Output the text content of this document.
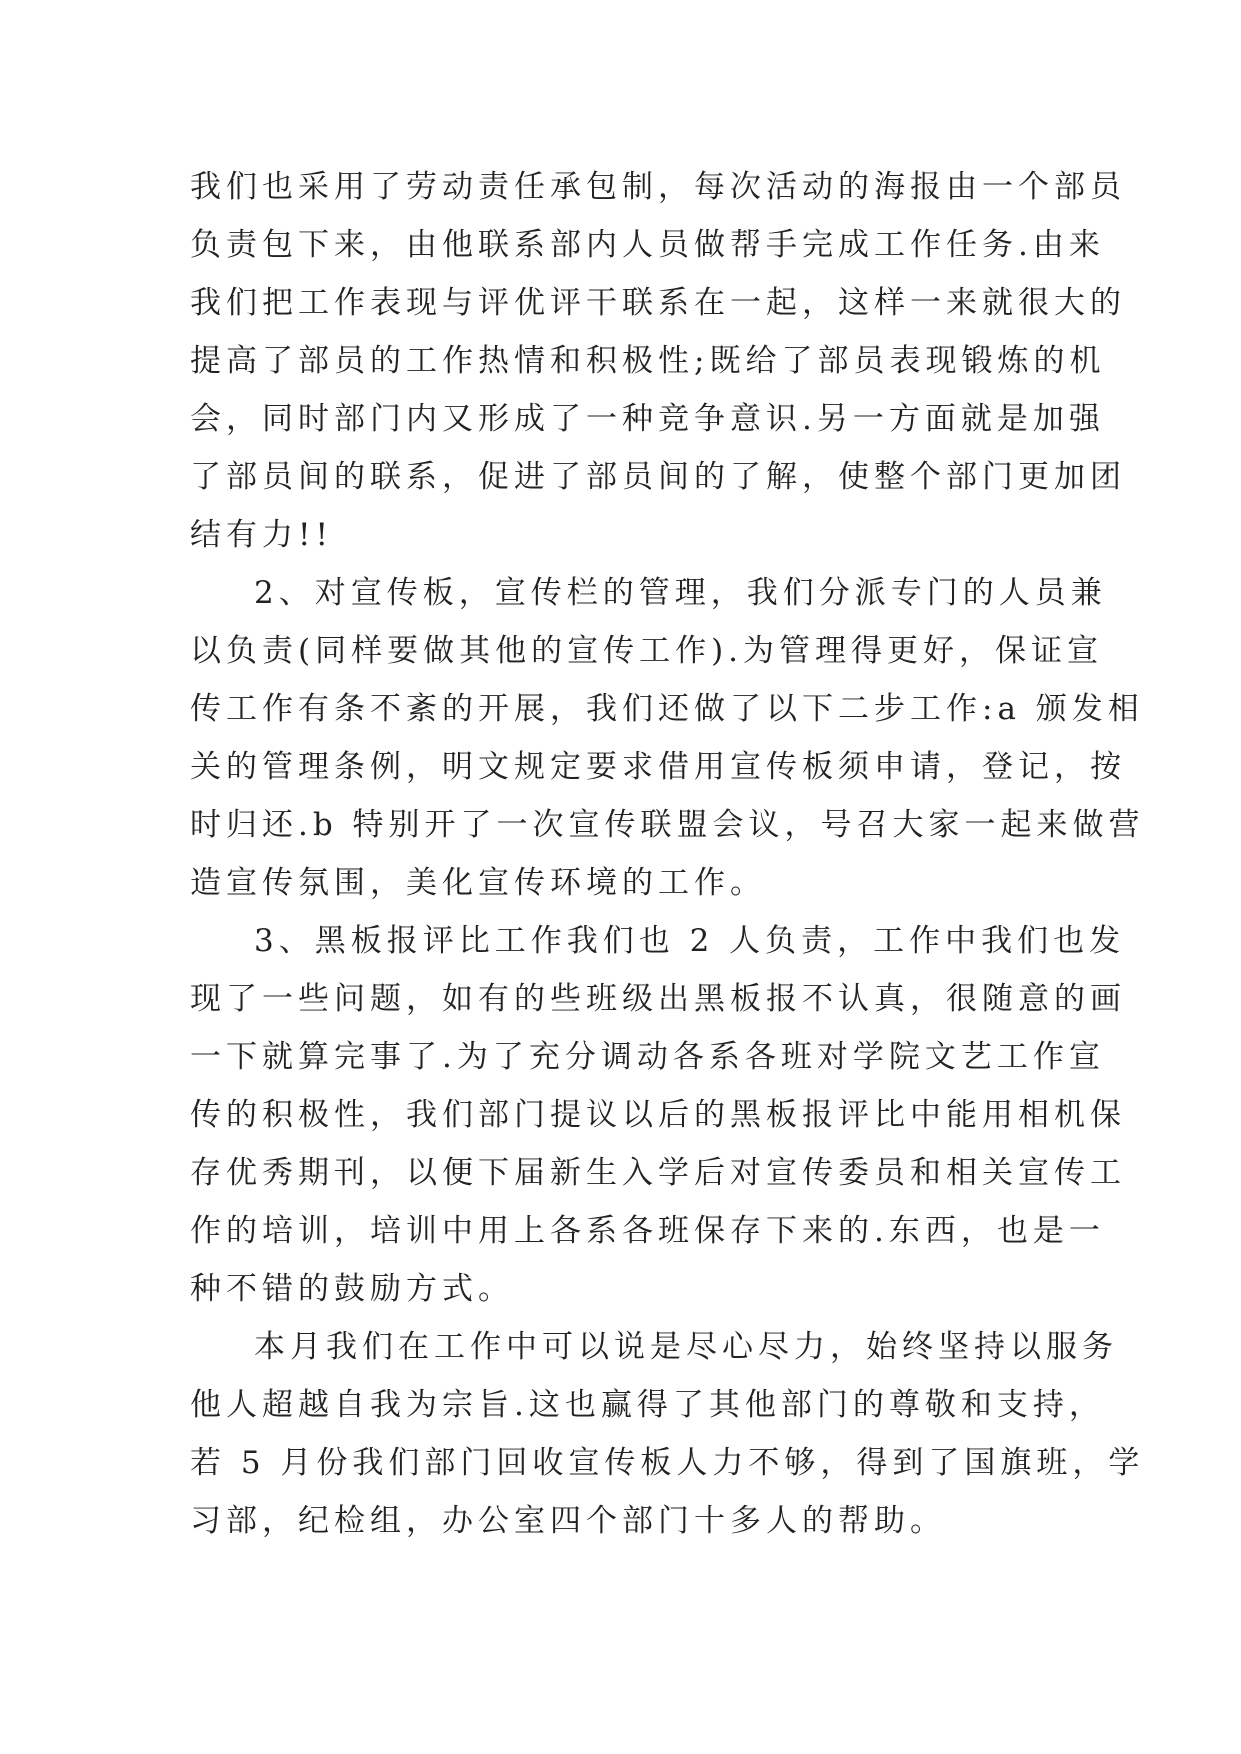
我们也采用了劳动责任承包制，每次活动的海报由一个部员
负责包下来，由他联系部内人员做帮手完成工作任务.由来
我们把工作表现与评优评干联系在一起，这样一来就很大的
提高了部员的工作热情和积极性;既给了部员表现锻炼的机
会，同时部门内又形成了一种竞争意识.另一方面就是加强
了部员间的联系，促进了部员间的了解，使整个部门更加团
结有力!!
2、对宣传板，宣传栏的管理，我们分派专门的人员兼
以负责(同样要做其他的宣传工作).为管理得更好，保证宣
传工作有条不紊的开展，我们还做了以下二步工作:a 颁发相
关的管理条例，明文规定要求借用宣传板须申请，登记，按
时归还.b 特别开了一次宣传联盟会议，号召大家一起来做营
造宣传氛围，美化宣传环境的工作。
3、黑板报评比工作我们也 2 人负责，工作中我们也发
现了一些问题，如有的些班级出黑板报不认真，很随意的画
一下就算完事了.为了充分调动各系各班对学院文艺工作宣
传的积极性，我们部门提议以后的黑板报评比中能用相机保
存优秀期刊，以便下届新生入学后对宣传委员和相关宣传工
作的培训，培训中用上各系各班保存下来的.东西，也是一
种不错的鼓励方式。
本月我们在工作中可以说是尽心尽力，始终坚持以服务
他人超越自我为宗旨.这也赢得了其他部门的尊敬和支持，
若 5 月份我们部门回收宣传板人力不够，得到了国旗班，学
习部，纪检组，办公室四个部门十多人的帮助。
